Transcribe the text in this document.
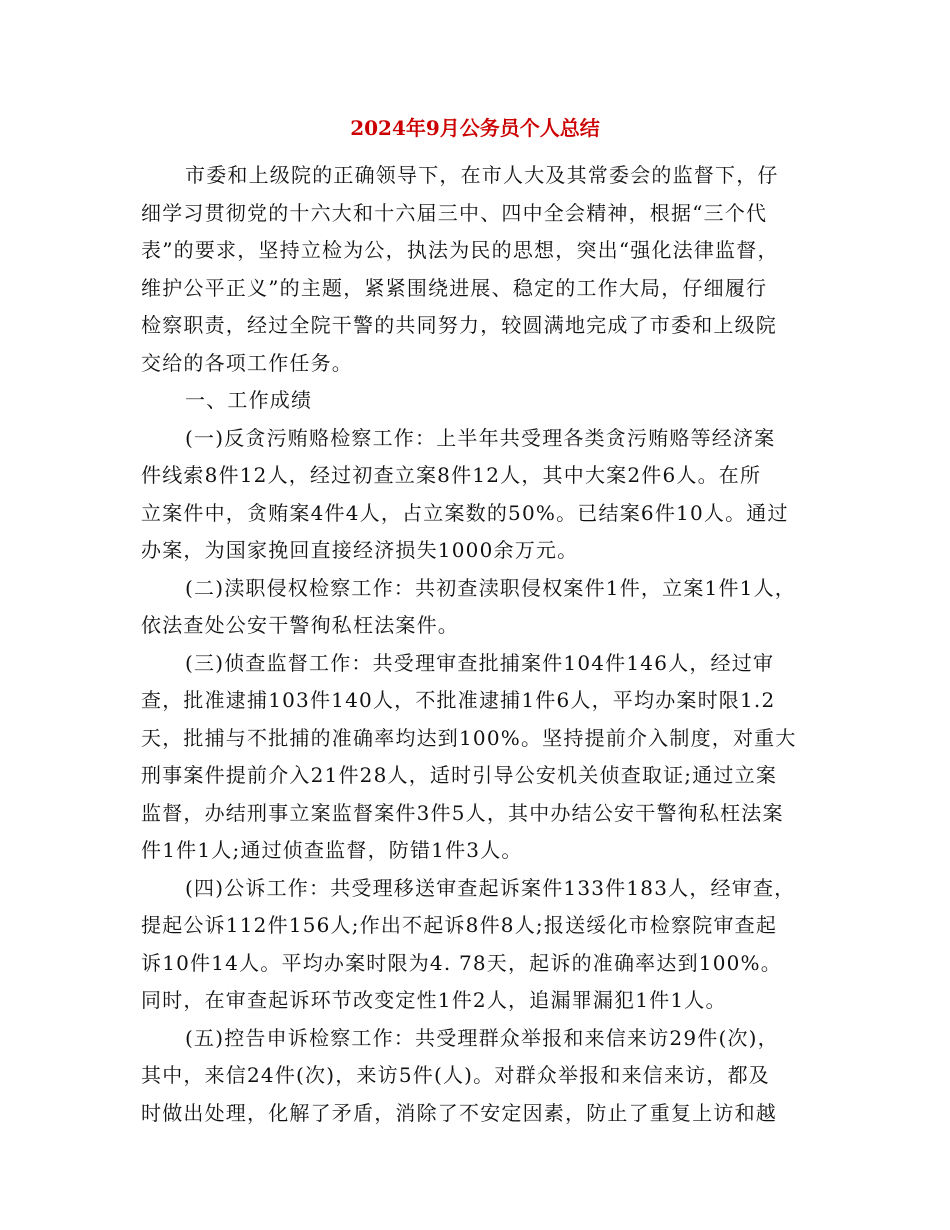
2024年9月公务员个人总结
市委和上级院的正确领导下，在市人大及其常委会的监督下，仔
细学习贯彻党的十六大和十六届三中、四中全会精神，根据“三个代
表”的要求，坚持立检为公，执法为民的思想，突出“强化法律监督，
维护公平正义”的主题，紧紧围绕进展、稳定的工作大局，仔细履行
检察职责，经过全院干警的共同努力，较圆满地完成了市委和上级院
交给的各项工作任务。
一、工作成绩
(一)反贪污贿赂检察工作：上半年共受理各类贪污贿赂等经济案
件线索8件12人，经过初查立案8件12人，其中大案2件6人。在所
立案件中，贪贿案4件4人，占立案数的50%。已结案6件10人。通过
办案，为国家挽回直接经济损失1000余万元。
(二)渎职侵权检察工作：共初查渎职侵权案件1件，立案1件1人，
依法查处公安干警徇私枉法案件。
(三)侦查监督工作：共受理审查批捕案件104件146人，经过审
查，批准逮捕103件140人，不批准逮捕1件6人，平均办案时限1.2
天，批捕与不批捕的准确率均达到100%。坚持提前介入制度，对重大
刑事案件提前介入21件28人，适时引导公安机关侦查取证;通过立案
监督，办结刑事立案监督案件3件5人，其中办结公安干警徇私枉法案
件1件1人;通过侦查监督，防错1件3人。
(四)公诉工作：共受理移送审查起诉案件133件183人，经审查，
提起公诉112件156人;作出不起诉8件8人;报送绥化市检察院审查起
诉10件14人。平均办案时限为4. 78天，起诉的准确率达到100%。
同时，在审查起诉环节改变定性1件2人，追漏罪漏犯1件1人。
(五)控告申诉检察工作：共受理群众举报和来信来访29件(次)，
其中，来信24件(次)，来访5件(人)。对群众举报和来信来访，都及
时做出处理，化解了矛盾，消除了不安定因素，防止了重复上访和越
